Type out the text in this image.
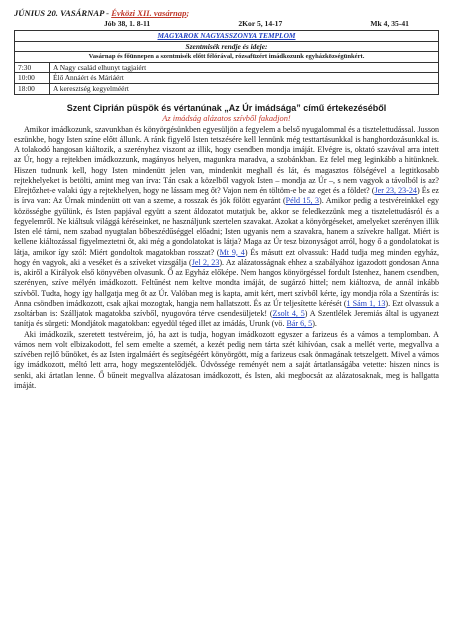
JÚNIUS 20. VASÁRNAP - Évközi XII. vasárnap;
Jób 38, 1. 8-11	2Kor 5, 14-17	Mk 4, 35-41
MAGYAROK NAGYASSZONYA TEMPLOM	
Szentmisék rendje és ideje:	
Vasárnap és főünnepen a szentmisék előtt félórával, rózsafüzért imádkozunk egyházközségünkért.	
7:30	A Nagy család elhunyt tagjaiért
10:00	Élő Annáért és Máriáért
18:00	A keresztség kegyelméért
Szent Ciprián püspök és vértanúnak „Az Úr imádsága” című értekezéséből
Az imádság alázatos szívből fakadjon!

Amikor imádkozunk, szavunkban és könyörgésünkben egyesüljön a fegyelem a belső nyugalommal és a tisztelettudással. Jusson eszünkbe, hogy Isten színe előtt állunk. A ránk figyelő Isten tetszésére kell lennünk még testtartásunkkal is hanghordozásunkkal is. A tolakodó hangosan kiáltozik, a szerényhez viszont az illik, hogy csendben mondja imáját. Elvégre is, oktató szavával arra intett az Úr, hogy a rejtekben imádkozzunk, magányos helyen, magunkra maradva, a szobánkban. Ez felel meg leginkább a hitünknek. Hiszen tudnunk kell, hogy Isten mindenütt jelen van, mindenkit meghall és lát, és magasztos fölségével a legtitkosabb rejtekhelyeket is betölti, amint meg van írva: Tán csak a közelből vagyok Isten – mondja az Úr –, s nem vagyok a távolból is az? Elrejtőzhet-e valaki úgy a rejtekhelyen, hogy ne lássam meg őt? Vajon nem én töltöm-e be az eget és a földet? (Jer 23, 23-24) És ez is írva van: Az Úrnak mindenütt ott van a szeme, a rosszak és jók fölött egyaránt (Péld 15, 3). Amikor pedig a testvéreinkkel egy közösségbe gyűlünk, és Isten papjával együtt a szent áldozatot mutatjuk be, akkor se feledkezzünk meg a tisztelettudásról és a fegyelemről. Ne kiáltsuk világgá kéréseinket, ne használjunk szertelen szavakat. Azokat a könyörgéseket, amelyeket szerényen illik Isten elé tárni, nem szabad nyugtalan bőbeszédűséggel előadni; Isten ugyanis nem a szavakra, hanem a szívekre hallgat. Miért is kellene kiáltozással figyelmeztetni őt, aki még a gondolatokat is látja? Maga az Úr tesz bizonyságot arról, hogy ő a gondolatokat is látja, amikor így szól: Miért gondoltok magatokban rosszat? (Mt 9, 4) És másutt ezt olvassuk: Hadd tudja meg minden egyház, hogy én vagyok, aki a veséket és a szíveket vizsgálja (Jel 2, 23). Az alázatosságnak ehhez a szabályához igazodott gondosan Anna is, akiről a Királyok első könyvében olvasunk. Ő az Egyház előképe. Nem hangos könyörgéssel fordult Istenhez, hanem csendben, szerényen, szíve mélyén imádkozott. Feltűnést nem keltve mondta imáját, de sugárzó hittel; nem kiáltozva, de annál inkább szívből. Tudta, hogy így hallgatja meg őt az Úr. Valóban meg is kapta, amit kért, mert szívből kérte, így mondja róla a Szentírás is: Anna csöndben imádkozott, csak ajkai mozogtak, hangja nem hallatszott. És az Úr teljesítette kérését (1 Sám 1, 13). Ezt olvassuk a zsoltárban is: Szálljatok magatokba szívből, nyugovóra térve csendesüljetek! (Zsolt 4, 5) A Szentlélek Jeremiás által is ugyanezt tanítja és sürgeti: Mondjátok magatokban: egyedül téged illet az imádás, Urunk (vö. Bár 6, 5).

Aki imádkozik, szeretett testvéreim, jó, ha azt is tudja, hogyan imádkozott egyszer a farizeus és a vámos a templomban. A vámos nem volt elbizakodott, fel sem emelte a szemét, a kezét pedig nem tárta szét kihívóan, csak a mellét verte, megvallva a szívében rejlő bűnöket, és az Isten irgalmáért és segítségéért könyörgött, míg a farizeus csak önmagának tetszelgett. Mivel a vámos így imádkozott, méltó lett arra, hogy megszentelődjék. Üdvössége reményét nem a saját ártatlanságába vetette: hiszen nincs is senki, aki ártatlan lenne. Ő bűneit megvallva alázatosan imádkozott, és Isten, aki megbocsát az alázatosaknak, meg is hallgatta imáját.
